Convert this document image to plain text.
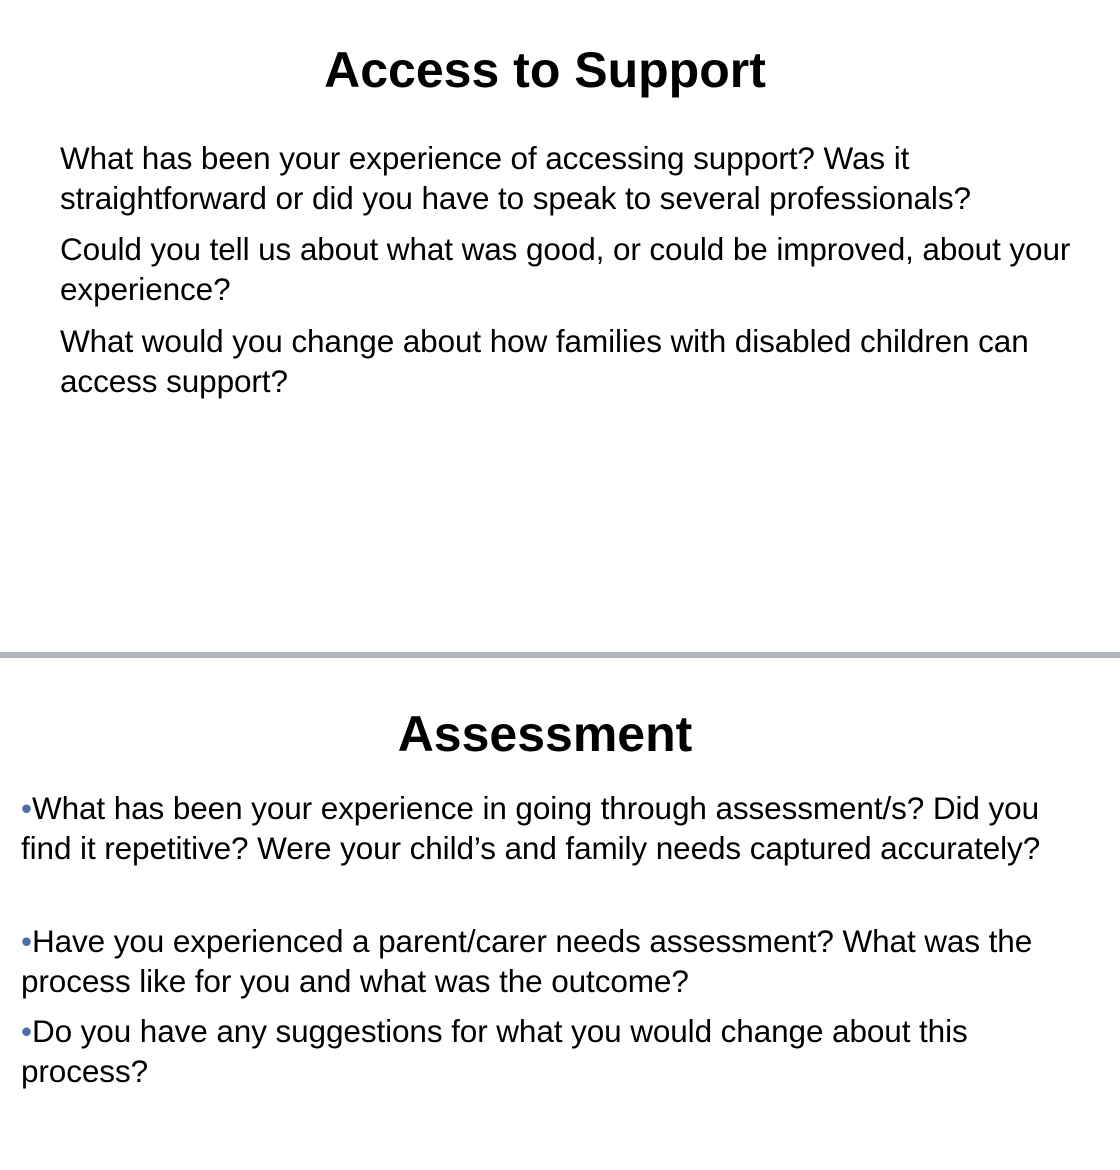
Access to Support

What has been your experience of accessing support? Was it straightforward or did you have to speak to several professionals?

Could you tell us about what was good, or could be improved, about your experience?

What would you change about how families with disabled children can access support?

Assessment

•What has been your experience in going through assessment/s? Did you find it repetitive? Were your child’s and family needs captured accurately?

•Have you experienced a parent/carer needs assessment? What was the process like for you and what was the outcome?

•Do you have any suggestions for what you would change about this process?
